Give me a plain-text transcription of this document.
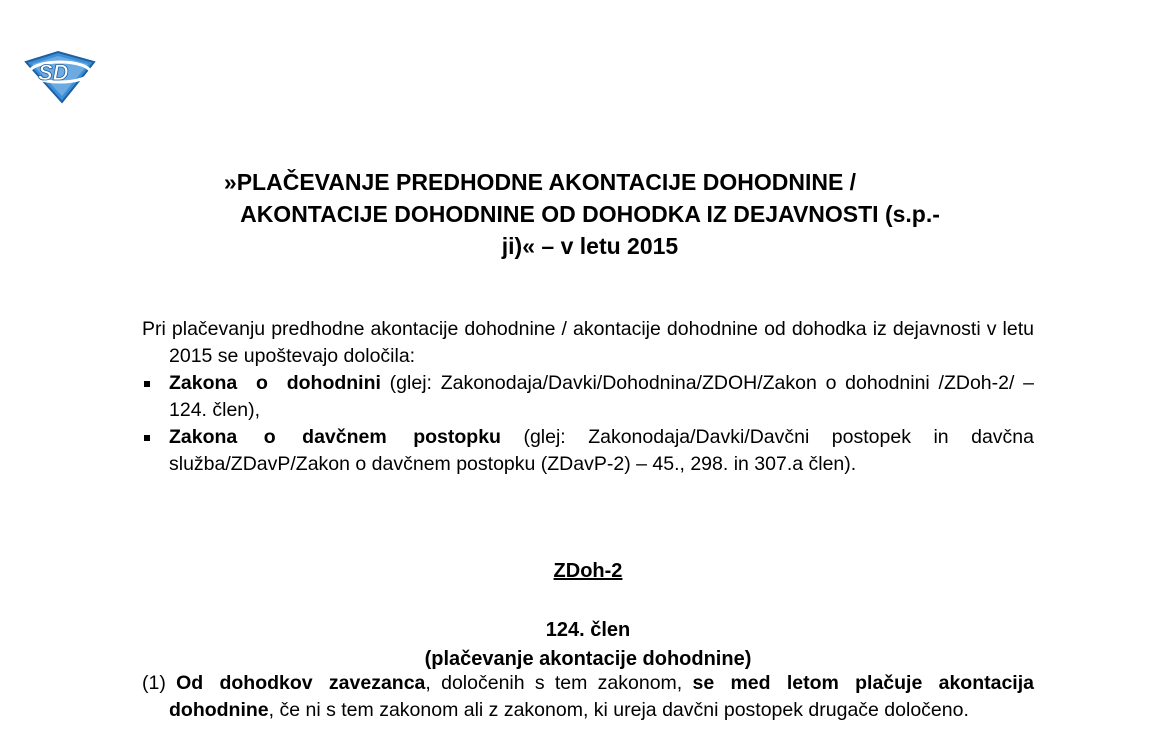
SD
»PLAČEVANJE PREDHODNE AKONTACIJE DOHODNINE /
AKONTACIJE DOHODNINE OD DOHODKA IZ DEJAVNOSTI (s.p.-
ji)« – v letu 2015

Pri plačevanju predhodne akontacije dohodnine / akontacije dohodnine od dohodka iz dejavnosti v letu 2015 se upoštevajo določila:

Zakona o dohodnini (glej: Zakonodaja/Davki/Dohodnina/ZDOH/Zakon o dohodnini /ZDoh-2/ – 124. člen),

Zakona o davčnem postopku (glej: Zakonodaja/Davki/Davčni postopek in davčna služba/ZDavP/Zakon o davčnem postopku (ZDavP-2) – 45., 298. in 307.a člen).

ZDoh-2
124. člen
(plačevanje akontacije dohodnine)

(1) Od dohodkov zavezanca, določenih s tem zakonom, se med letom plačuje akontacija dohodnine, če ni s tem zakonom ali z zakonom, ki ureja davčni postopek drugače določeno.
